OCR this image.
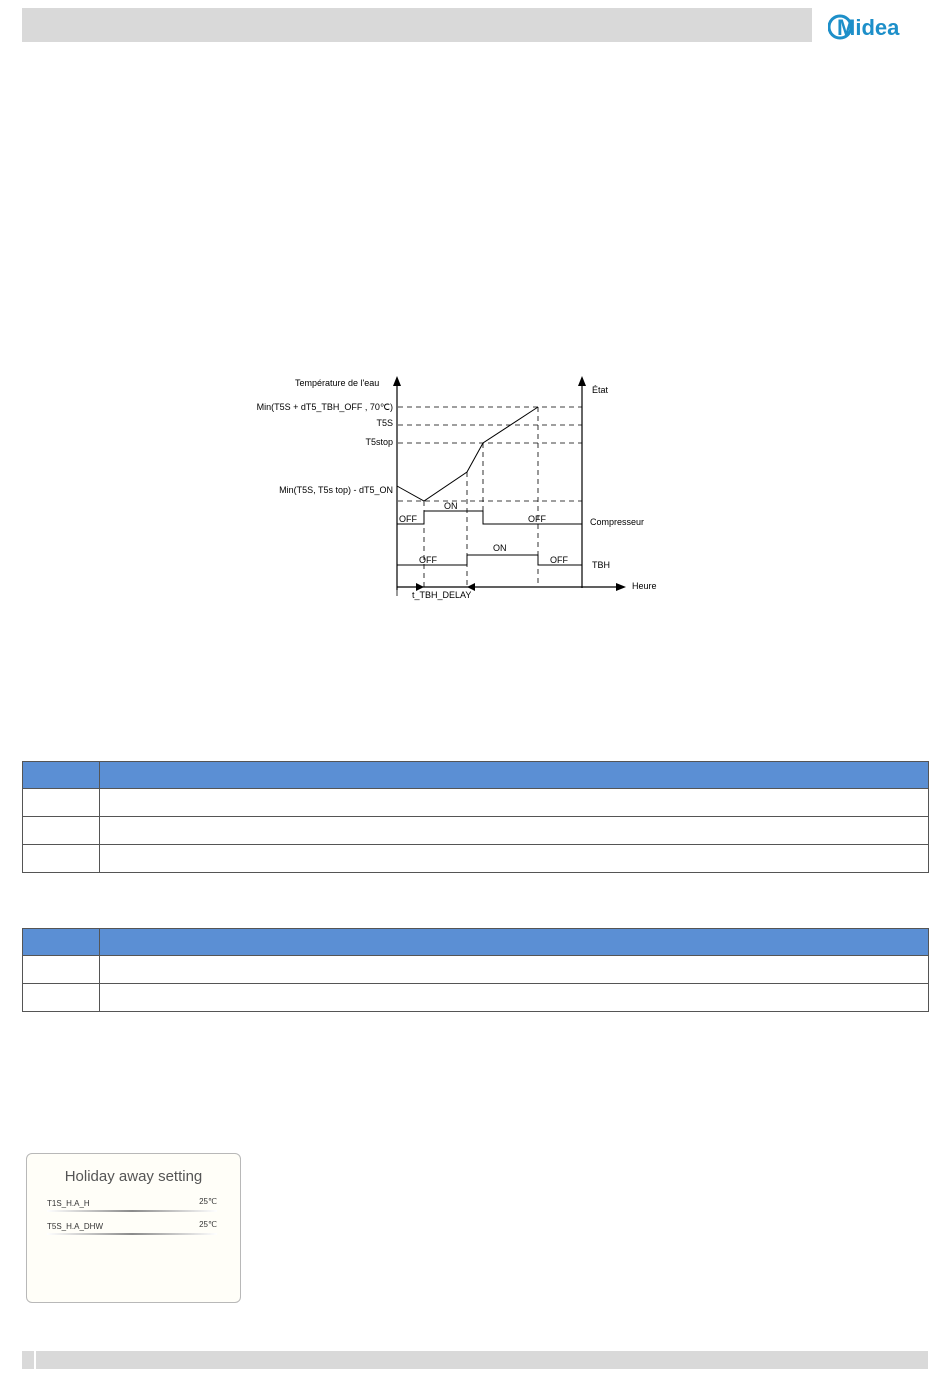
Midea
Température de l'eau
État
Heure
Min(T5S + dT5_TBH_OFF , 70℃)
T5S
T5stop
Min(T5S, T5s top) - dT5_ON
OFF
ON
OFF	Compresseur
OFF
ON
OFF	TBH
t_TBH_DELAY

Holiday away setting
T1S_H.A_H	25℃
T5S_H.A_DHW	25℃
